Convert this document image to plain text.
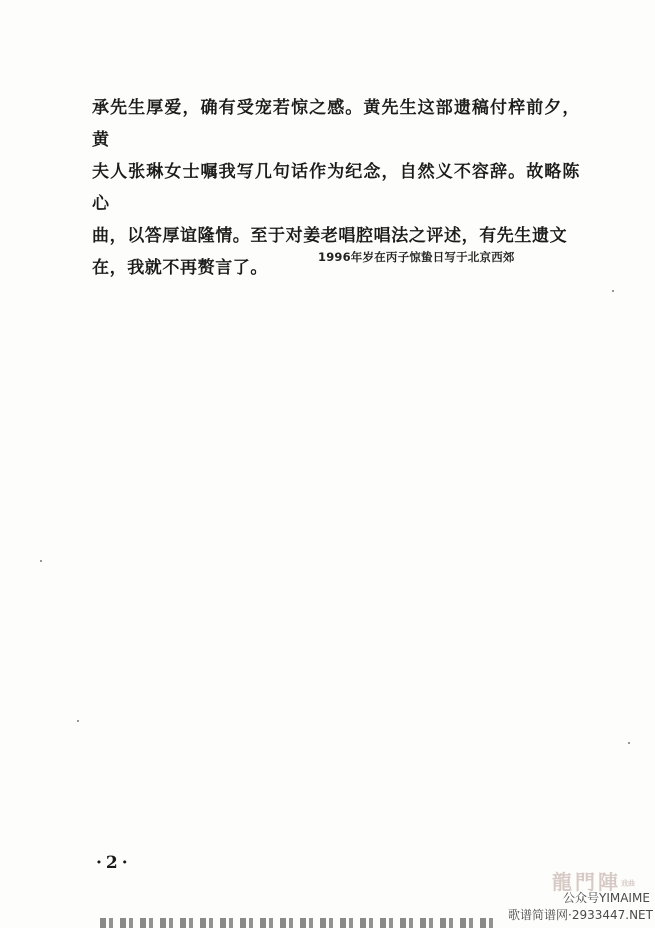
承先生厚爱，确有受宠若惊之感。黄先生这部遗稿付梓前夕，黄

夫人张琳女士嘱我写几句话作为纪念，自然义不容辞。故略陈心

曲，以答厚谊隆情。至于对姜老唱腔唱法之评述，有先生遗文

在，我就不再赘言了。

1996年岁在丙子惊蛰日写于北京西郊
·2·
龍門陣戏曲
公众号YIMAIME
歌谱简谱网·2933447.NET
